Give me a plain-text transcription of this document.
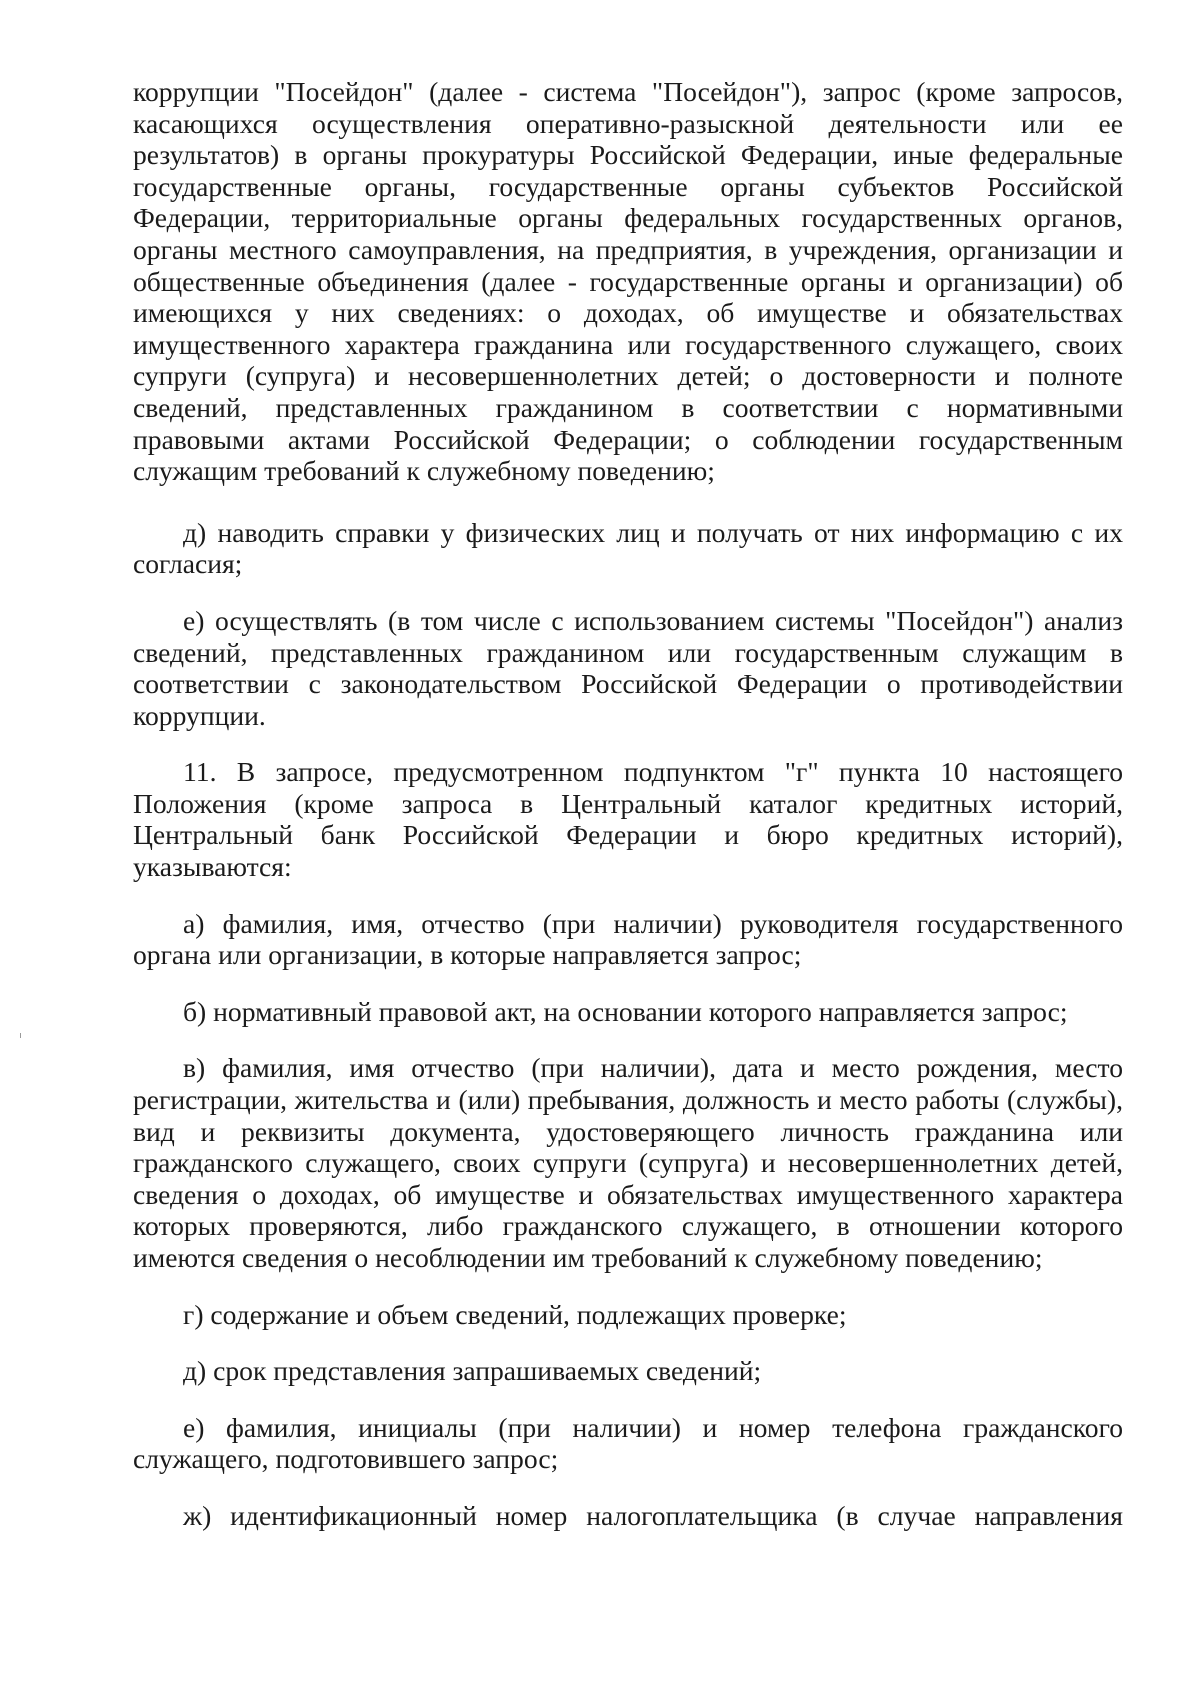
коррупции "Посейдон" (далее - система "Посейдон"), запрос (кроме запросов, касающихся осуществления оперативно-разыскной деятельности или ее результатов) в органы прокуратуры Российской Федерации, иные федеральные государственные органы, государственные органы субъектов Российской Федерации, территориальные органы федеральных государственных органов, органы местного самоуправления, на предприятия, в учреждения, организации и общественные объединения (далее - государственные органы и организации) об имеющихся у них сведениях: о доходах, об имуществе и обязательствах имущественного характера гражданина или государственного служащего, своих супруги (супруга) и несовершеннолетних детей; о достоверности и полноте сведений, представленных гражданином в соответствии с нормативными правовыми актами Российской Федерации; о соблюдении государственным служащим требований к служебному поведению;

д) наводить справки у физических лиц и получать от них информацию с их согласия;

е) осуществлять (в том числе с использованием системы "Посейдон") анализ сведений, представленных гражданином или государственным служащим в соответствии с законодательством Российской Федерации о противодействии коррупции.

11. В запросе, предусмотренном подпунктом "г" пункта 10 настоящего Положения (кроме запроса в Центральный каталог кредитных историй, Центральный банк Российской Федерации и бюро кредитных историй), указываются:

а) фамилия, имя, отчество (при наличии) руководителя государственного органа или организации, в которые направляется запрос;

б) нормативный правовой акт, на основании которого направляется запрос;

в) фамилия, имя отчество (при наличии), дата и место рождения, место регистрации, жительства и (или) пребывания, должность и место работы (службы), вид и реквизиты документа, удостоверяющего личность гражданина или гражданского служащего, своих супруги (супруга) и несовершеннолетних детей, сведения о доходах, об имуществе и обязательствах имущественного характера которых проверяются, либо гражданского служащего, в отношении которого имеются сведения о несоблюдении им требований к служебному поведению;

г) содержание и объем сведений, подлежащих проверке;

д) срок представления запрашиваемых сведений;

е) фамилия, инициалы (при наличии) и номер телефона гражданского служащего, подготовившего запрос;

ж) идентификационный номер налогоплательщика (в случае направления
